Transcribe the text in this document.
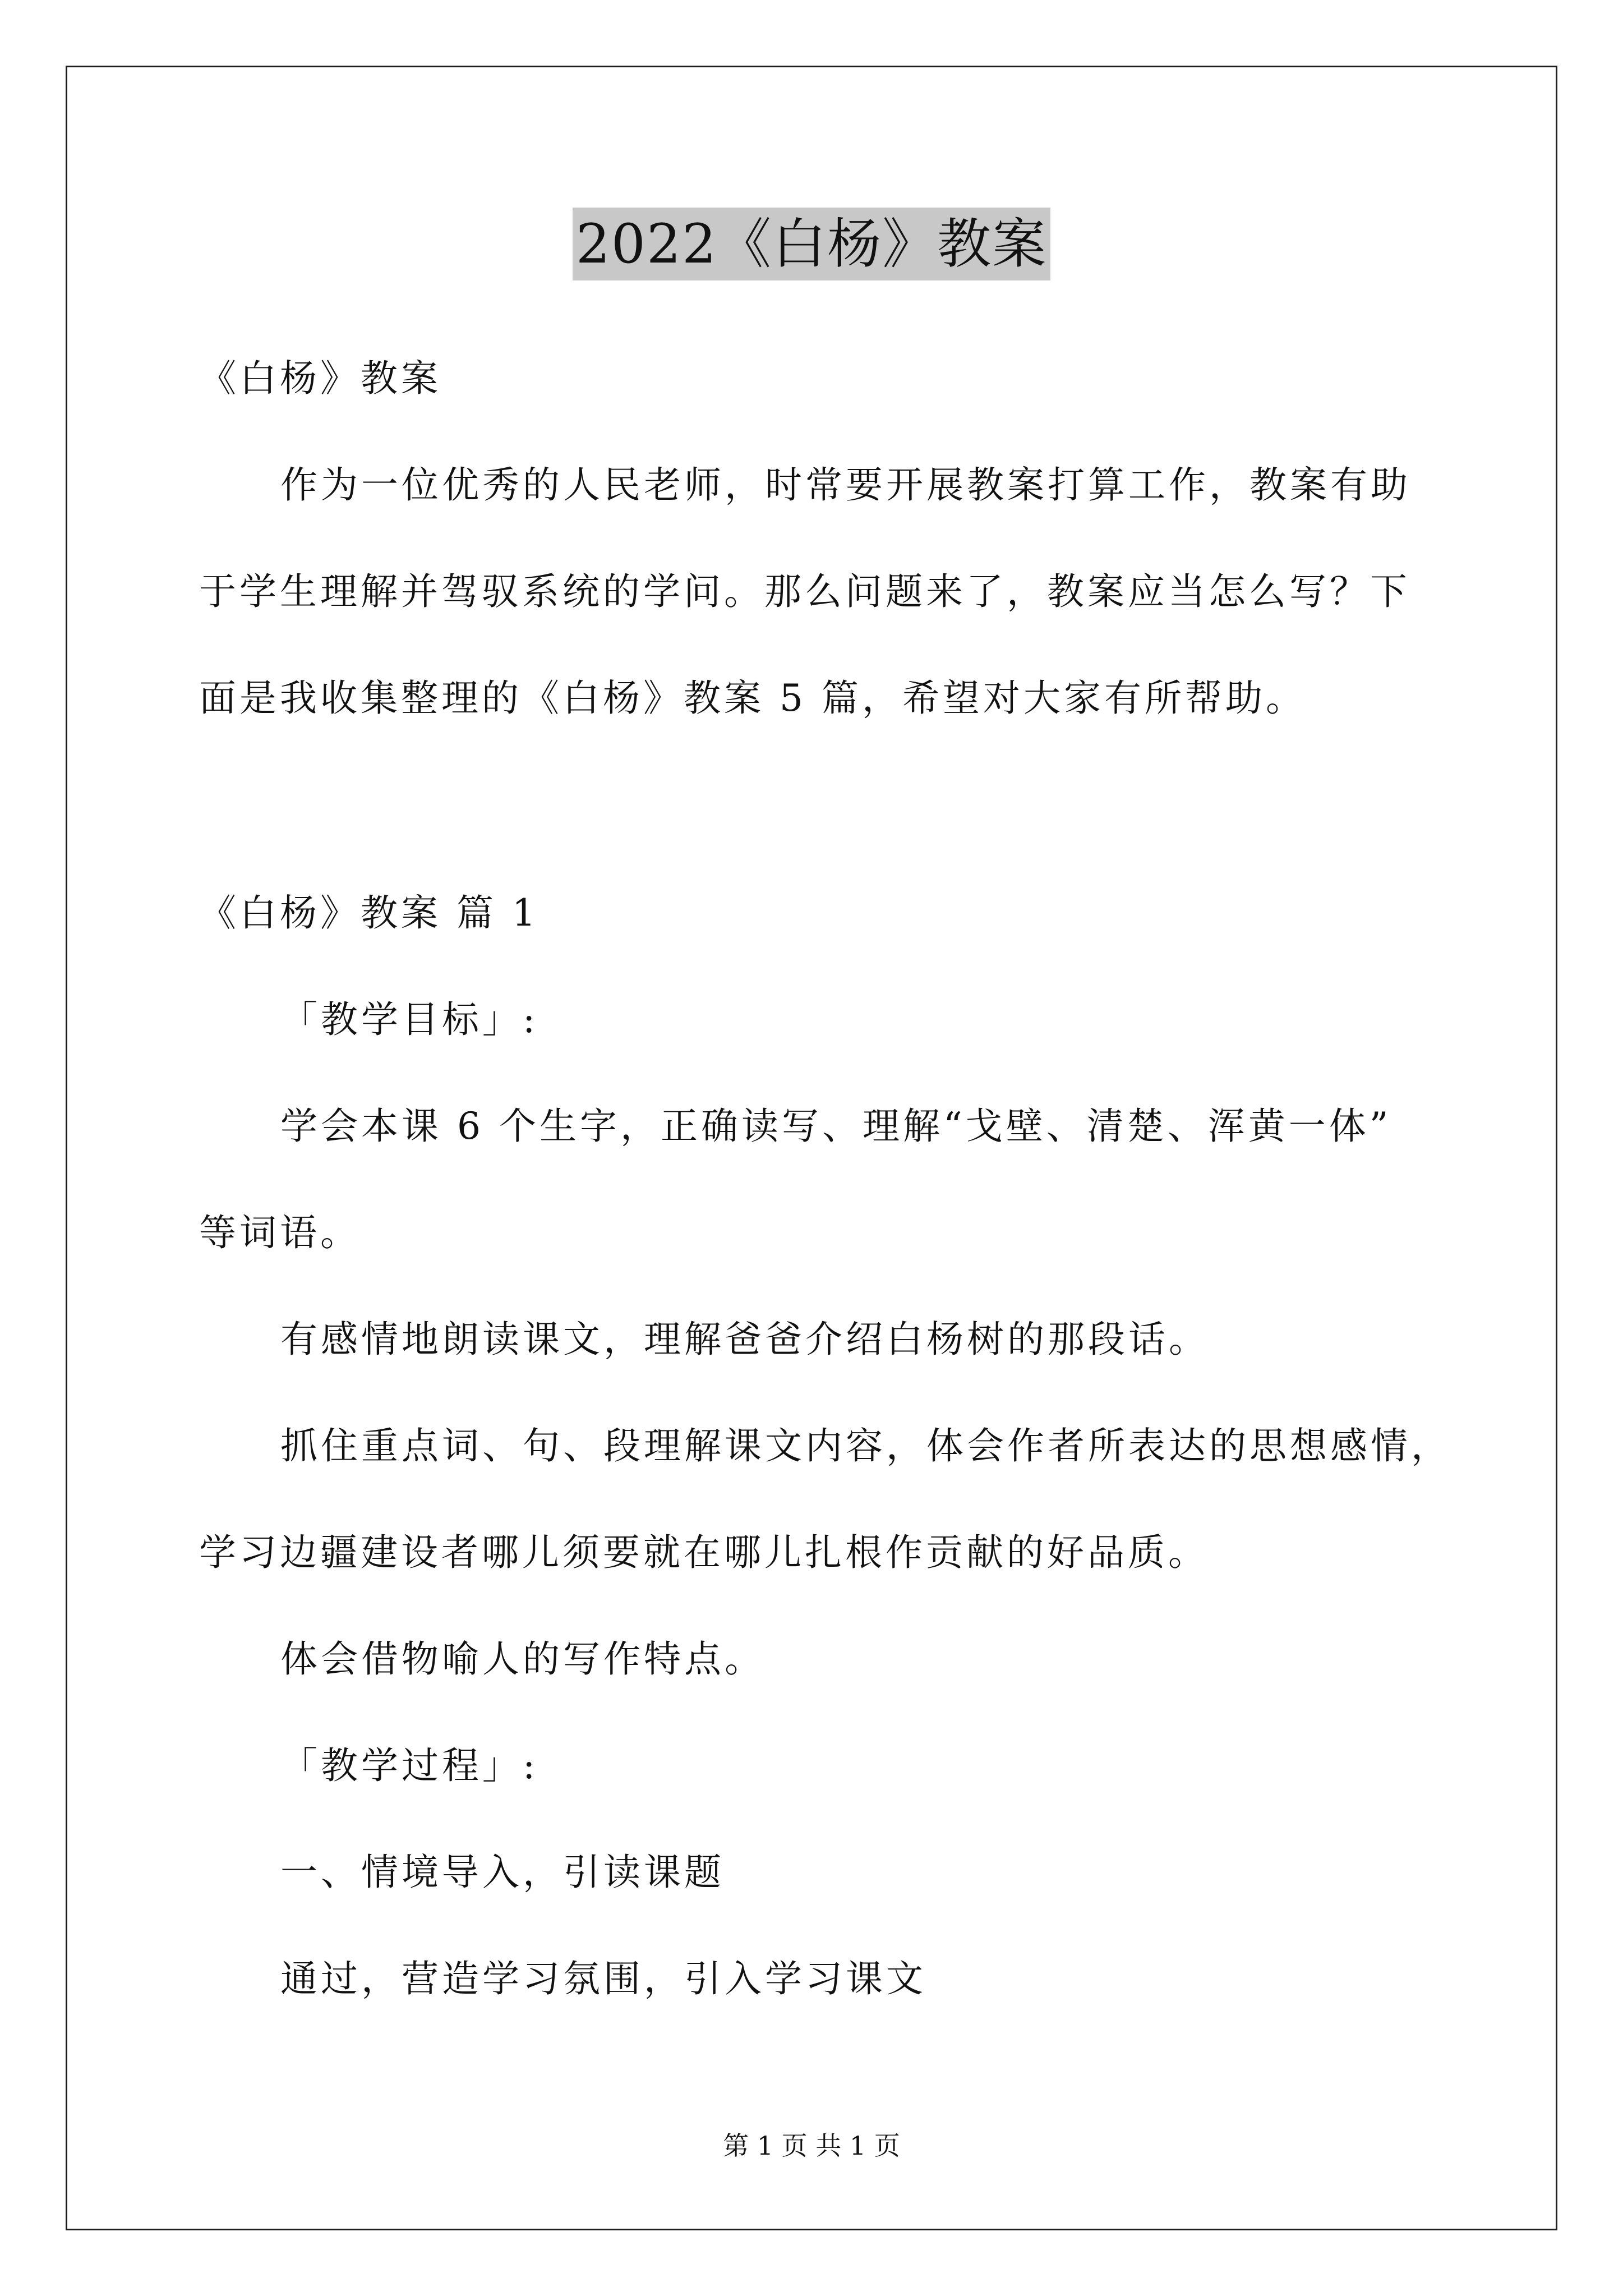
2022《白杨》教案

《白杨》教案

作为一位优秀的人民老师，时常要开展教案打算工作，教案有助

于学生理解并驾驭系统的学问。那么问题来了，教案应当怎么写？下

面是我收集整理的《白杨》教案 5 篇，希望对大家有所帮助。

《白杨》教案 篇 1

「教学目标」:

学会本课 6 个生字，正确读写、理解“戈壁、清楚、浑黄一体”

等词语。

有感情地朗读课文，理解爸爸介绍白杨树的那段话。

抓住重点词、句、段理解课文内容，体会作者所表达的思想感情，

学习边疆建设者哪儿须要就在哪儿扎根作贡献的好品质。

体会借物喻人的写作特点。

「教学过程」:

一、情境导入，引读课题

通过，营造学习氛围，引入学习课文

第 1 页 共 1 页
